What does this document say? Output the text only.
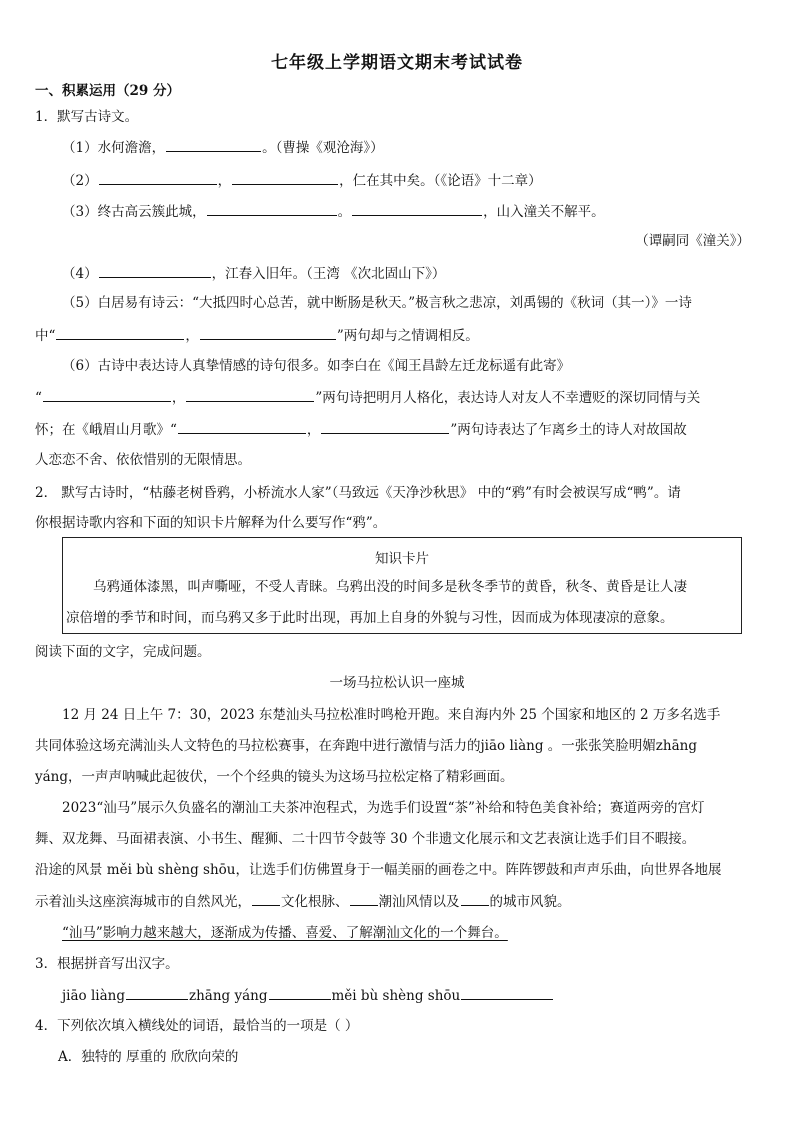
七年级上学期语文期末考试试卷
一、积累运用（29 分）
1．默写古诗文。
（1）水何澹澹，	。（曹操《观沧海》）
（2）	，	，仁在其中矣。（《论语》十二章）
（3）终古高云簇此城，	。	，山入潼关不解平。
（谭嗣同《潼关》）
（4）	，江春入旧年。（王湾 《次北固山下》）
（5）白居易有诗云：“大抵四时心总苦，就中断肠是秋天。”极言秋之悲凉，刘禹锡的《秋词（其一）》一诗
中“	，	”两句却与之情调相反。
（6）古诗中表达诗人真挚情感的诗句很多。如李白在《闻王昌龄左迁龙标遥有此寄》
“	，	”两句诗把明月人格化，表达诗人对友人不幸遭贬的深切同情与关
怀；在《峨眉山月歌》“	，	”两句诗表达了乍离乡土的诗人对故国故
人恋恋不舍、依依惜别的无限情思。
2． 默写古诗时，“枯藤老树昏鸦，小桥流水人家”（马致远《天净沙秋思》 中的“鸦”有时会被误写成“鸭”。请
你根据诗歌内容和下面的知识卡片解释为什么要写作“鸦”。
知识卡片
乌鸦通体漆黑，叫声嘶哑，不受人青睐。乌鸦出没的时间多是秋冬季节的黄昏，秋冬、黄昏是让人凄
凉倍增的季节和时间，而乌鸦又多于此时出现，再加上自身的外貌与习性，因而成为体现凄凉的意象。
阅读下面的文字，完成问题。
一场马拉松认识一座城
12 月 24 日上午 7：30，2023 东楚汕头马拉松准时鸣枪开跑。来自海内外 25 个国家和地区的 2 万多名选手
共同体验这场充满汕头人文特色的马拉松赛事，在奔跑中进行激情与活力的jiāo liàng 。一张张笑脸明媚zhāng
yáng，一声声呐喊此起彼伏，一个个经典的镜头为这场马拉松定格了精彩画面。
2023“汕马”展示久负盛名的潮汕工夫茶冲泡程式，为选手们设置“茶”补给和特色美食补给；赛道两旁的宫灯
舞、双龙舞、马面裙表演、小书生、醒狮、二十四节令鼓等 30 个非遗文化展示和文艺表演让选手们目不暇接。
沿途的风景 měi bù shèng shōu，让选手们仿佛置身于一幅美丽的画卷之中。阵阵锣鼓和声声乐曲，向世界各地展
示着汕头这座滨海城市的自然风光， 文化根脉、 潮汕风情以及 的城市风貌。
“汕马”影响力越来越大，逐渐成为传播、喜爱、了解潮汕文化的一个舞台。
3．根据拼音写出汉字。
jiāo liàng	zhāng yáng	měi bù shèng shōu
4．下列依次填入横线处的词语，最恰当的一项是（ ）
A．独特的 厚重的 欣欣向荣的
